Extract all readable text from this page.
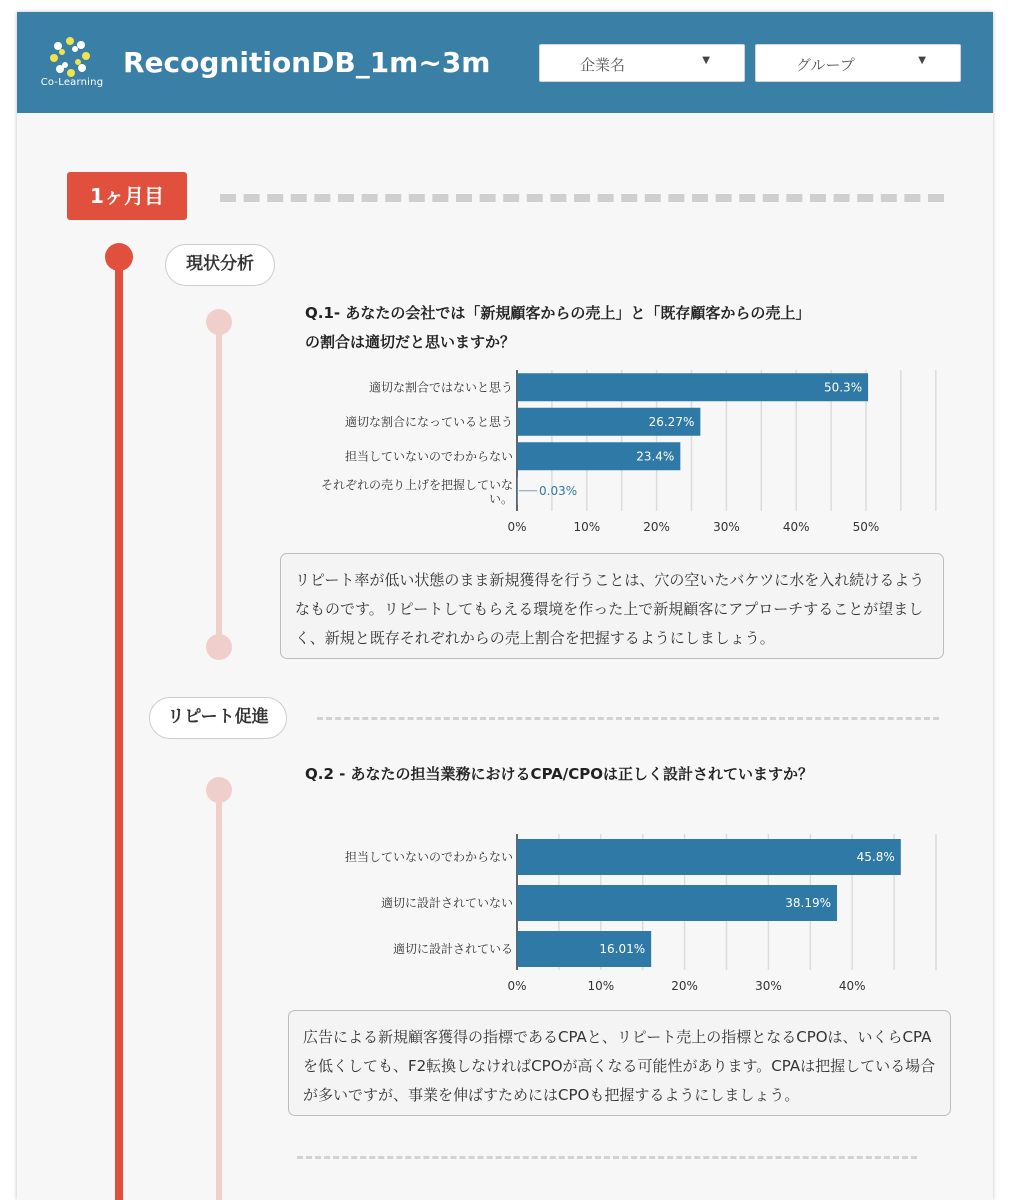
Co-Learning
RecognitionDB_1m~3m	企業名	▼	グループ	▼
1ヶ月目
現状分析
Q.1- あなたの会社では「新規顧客からの売上」と「既存顧客からの売上」の割合は適切だと思いますか？
0%	10%	20%	30%	40%	50%
適切な割合ではないと思う	50.3%
適切な割合になっていると思う	26.27%
担当していないのでわからない	23.4%
それぞれの売り上げを把握していな
い。
0.03%
リピート率が低い状態のまま新規獲得を行うことは、穴の空いたバケツに水を入れ続けるようなものです。リピートしてもらえる環境を作った上で新規顧客にアプローチすることが望ましく、新規と既存それぞれからの売上割合を把握するようにしましょう。
リピート促進
Q.2 - あなたの担当業務におけるCPA/CPOは正しく設計されていますか？
0%	10%	20%	30%	40%
担当していないのでわからない	45.8%
適切に設計されていない	38.19%
適切に設計されている	16.01%
広告による新規顧客獲得の指標であるCPAと、リピート売上の指標となるCPOは、いくらCPAを低くしても、F2転換しなければCPOが高くなる可能性があります。CPAは把握している場合が多いですが、事業を伸ばすためにはCPOも把握するようにしましょう。
